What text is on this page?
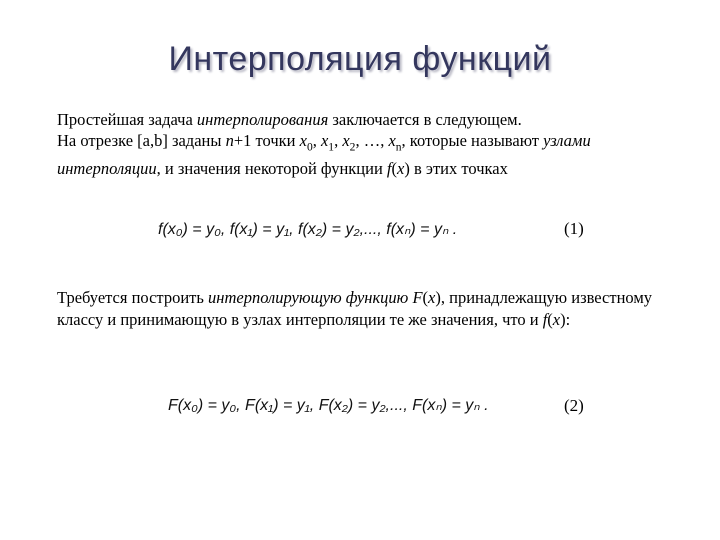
Интерполяция функций
Простейшая задача интерполирования заключается в следующем.
На отрезке [a,b] заданы n+1 точки $x_0$, $x_1$, $x_2$, …, $x_n$, которые называют узлами
интерполяции, и значения некоторой функции f(x) в этих точках
f(x₀) = y₀, f(x₁) = y₁, f(x₂) = y₂,..., f(xₙ) = yₙ .	(1)
Требуется построить интерполирующую функцию F(x), принадлежащую известному классу и принимающую в узлах интерполяции те же значения, что и f(x):
F(x₀) = y₀, F(x₁) = y₁, F(x₂) = y₂,..., F(xₙ) = yₙ .	(2)
